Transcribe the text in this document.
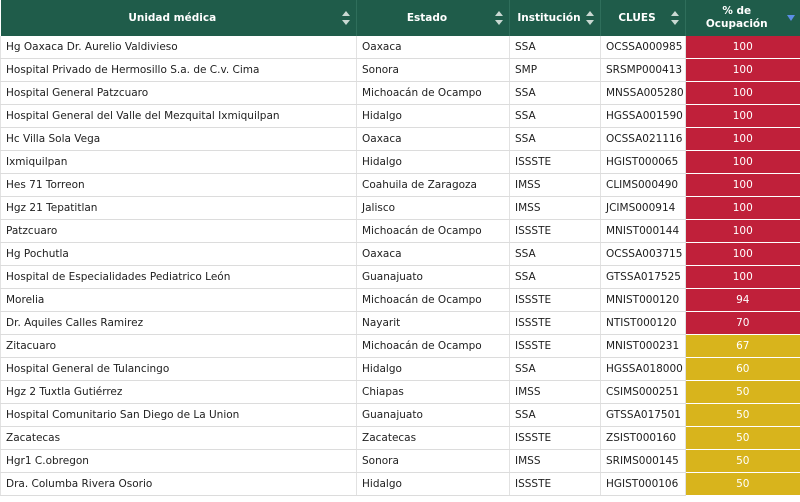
Unidad médica	Estado	Institución	CLUES	% de Ocupación

Hg Oaxaca Dr. Aurelio Valdivieso	Oaxaca	SSA	OCSSA000985	100
Hospital Privado de Hermosillo S.a. de C.v. Cima	Sonora	SMP	SRSMP000413	100
Hospital General Patzcuaro	Michoacán de Ocampo	SSA	MNSSA005280	100
Hospital General del Valle del Mezquital Ixmiquilpan	Hidalgo	SSA	HGSSA001590	100
Hc Villa Sola Vega	Oaxaca	SSA	OCSSA021116	100
Ixmiquilpan	Hidalgo	ISSSTE	HGIST000065	100
Hes 71 Torreon	Coahuila de Zaragoza	IMSS	CLIMS000490	100
Hgz 21 Tepatitlan	Jalisco	IMSS	JCIMS000914	100
Patzcuaro	Michoacán de Ocampo	ISSSTE	MNIST000144	100
Hg Pochutla	Oaxaca	SSA	OCSSA003715	100
Hospital de Especialidades Pediatrico León	Guanajuato	SSA	GTSSA017525	100
Morelia	Michoacán de Ocampo	ISSSTE	MNIST000120	94
Dr. Aquiles Calles Ramirez	Nayarit	ISSSTE	NTIST000120	70
Zitacuaro	Michoacán de Ocampo	ISSSTE	MNIST000231	67
Hospital General de Tulancingo	Hidalgo	SSA	HGSSA018000	60
Hgz 2 Tuxtla Gutiérrez	Chiapas	IMSS	CSIMS000251	50
Hospital Comunitario San Diego de La Union	Guanajuato	SSA	GTSSA017501	50
Zacatecas	Zacatecas	ISSSTE	ZSIST000160	50
Hgr1 C.obregon	Sonora	IMSS	SRIMS000145	50
Dra. Columba Rivera Osorio	Hidalgo	ISSSTE	HGIST000106	50
